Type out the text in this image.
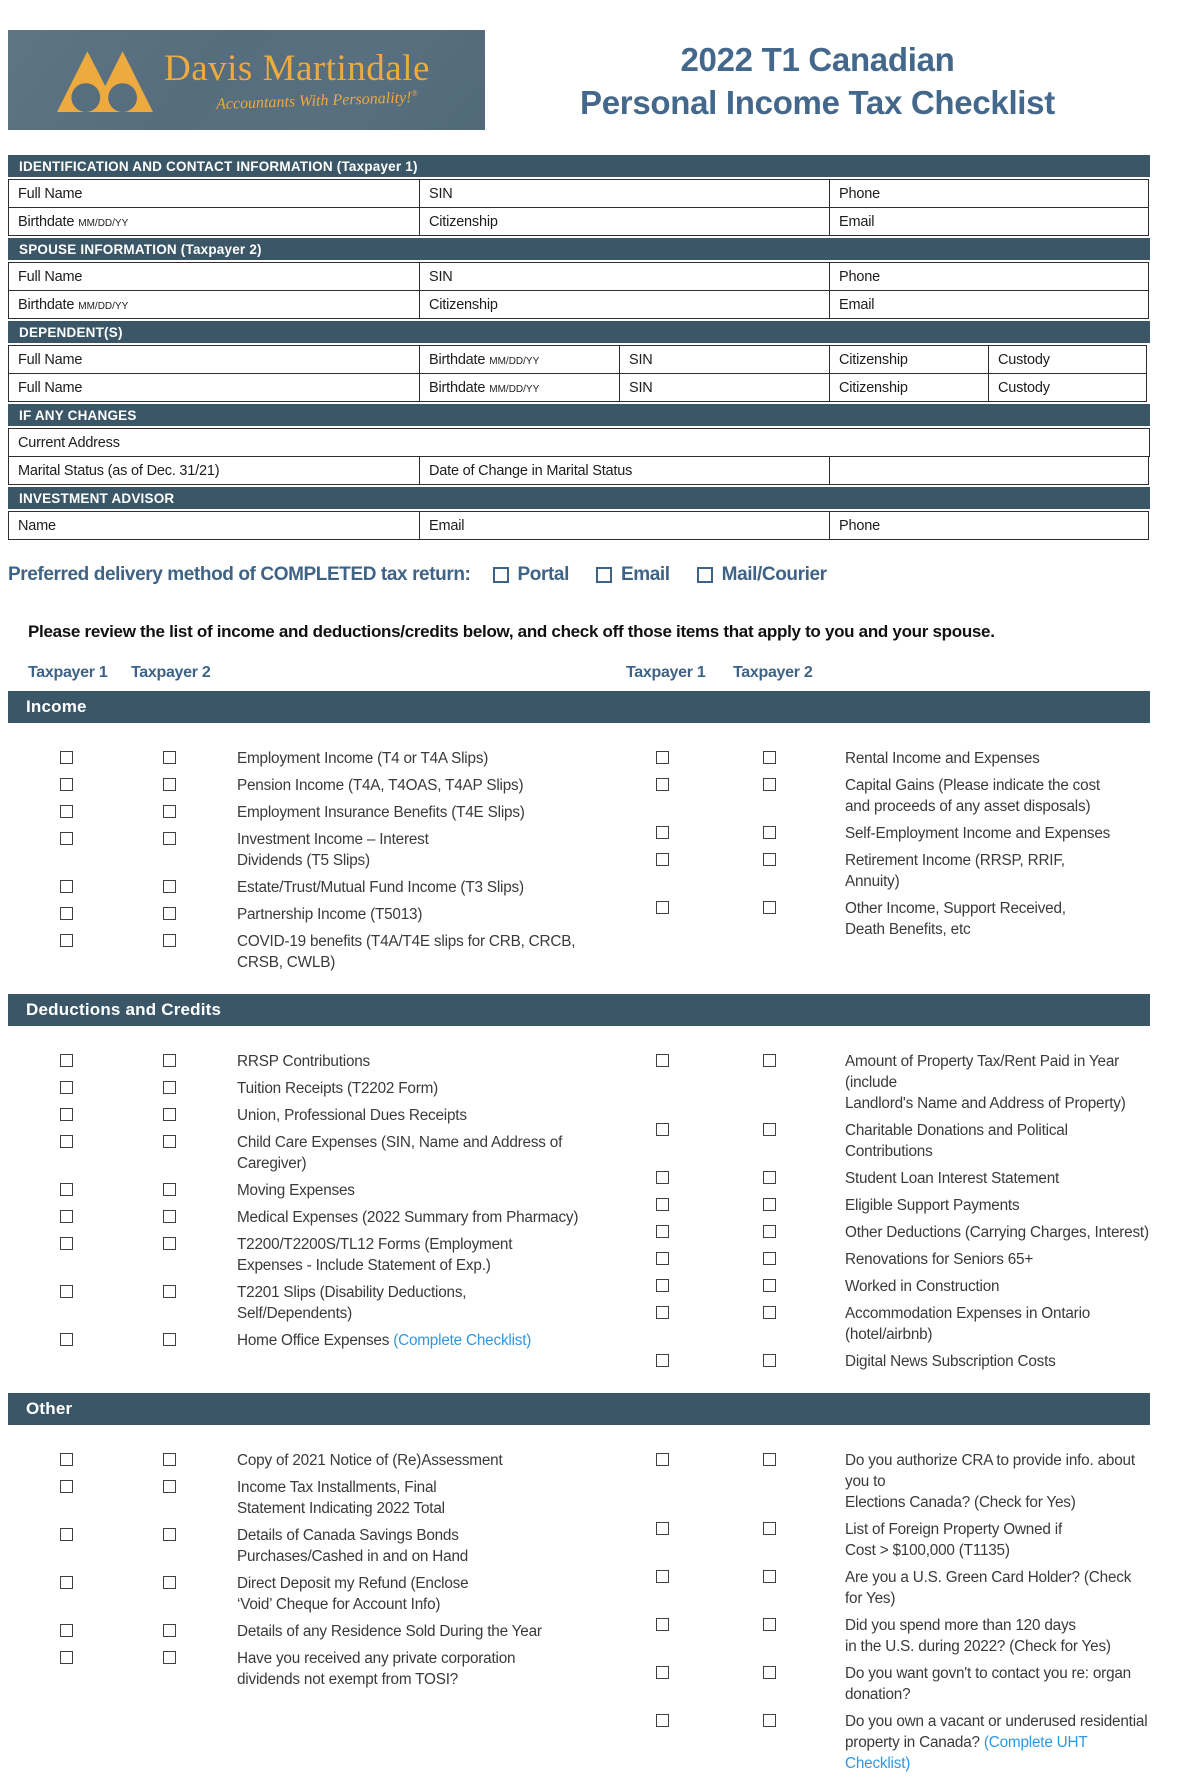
Davis Martindale
Accountants With Personality!®
2022 T1 Canadian
Personal Income Tax Checklist
IDENTIFICATION AND CONTACT INFORMATION (Taxpayer 1)
Full Name	SIN	Phone
Birthdate MM/DD/YY	Citizenship	Email
SPOUSE INFORMATION (Taxpayer 2)
Full Name	SIN	Phone
Birthdate MM/DD/YY	Citizenship	Email
DEPENDENT(S)
Full Name	Birthdate MM/DD/YY	SIN	Citizenship	Custody
Full Name	Birthdate MM/DD/YY	SIN	Citizenship	Custody
IF ANY CHANGES
Current Address
Marital Status (as of Dec. 31/21)	Date of Change in Marital Status
INVESTMENT ADVISOR
Name	Email	Phone
Preferred delivery method of COMPLETED tax return: Portal	Email	Mail/Courier
Please review the list of income and deductions/credits below, and check off those items that apply to you and your spouse.
Taxpayer 1	Taxpayer 2	Taxpayer 1	Taxpayer 2
Income
Employment Income (T4 or T4A Slips)
Pension Income (T4A, T4OAS, T4AP Slips)
Employment Insurance Benefits (T4E Slips)
Investment Income – Interest
Dividends (T5 Slips)
Estate/Trust/Mutual Fund Income (T3 Slips)
Partnership Income (T5013)
COVID-19 benefits (T4A/T4E slips for CRB, CRCB, CRSB, CWLB)
Rental Income and Expenses
Capital Gains (Please indicate the cost
and proceeds of any asset disposals)
Self-Employment Income and Expenses
Retirement Income (RRSP, RRIF,
Annuity)
Other Income, Support Received,
Death Benefits, etc
Deductions and Credits
RRSP Contributions
Tuition Receipts (T2202 Form)
Union, Professional Dues Receipts
Child Care Expenses (SIN, Name and Address of Caregiver)
Moving Expenses
Medical Expenses (2022 Summary from Pharmacy)
T2200/T2200S/TL12 Forms (Employment
Expenses - Include Statement of Exp.)
T2201 Slips (Disability Deductions, Self/Dependents)
Home Office Expenses (Complete Checklist)
Amount of Property Tax/Rent Paid in Year (include
Landlord's Name and Address of Property)
Charitable Donations and Political Contributions
Student Loan Interest Statement
Eligible Support Payments
Other Deductions (Carrying Charges, Interest)
Renovations for Seniors 65+
Worked in Construction
Accommodation Expenses in Ontario (hotel/airbnb)
Digital News Subscription Costs
Other
Copy of 2021 Notice of (Re)Assessment
Income Tax Installments, Final
Statement Indicating 2022 Total
Details of Canada Savings Bonds
Purchases/Cashed in and on Hand
Direct Deposit my Refund (Enclose
‘Void’ Cheque for Account Info)
Details of any Residence Sold During the Year
Have you received any private corporation
dividends not exempt from TOSI?
Do you authorize CRA to provide info. about you to
Elections Canada? (Check for Yes)
List of Foreign Property Owned if
Cost > $100,000 (T1135)
Are you a U.S. Green Card Holder? (Check for Yes)
Did you spend more than 120 days
in the U.S. during 2022? (Check for Yes)
Do you want govn't to contact you re: organ donation?
Do you own a vacant or underused residential
property in Canada? (Complete UHT Checklist)
